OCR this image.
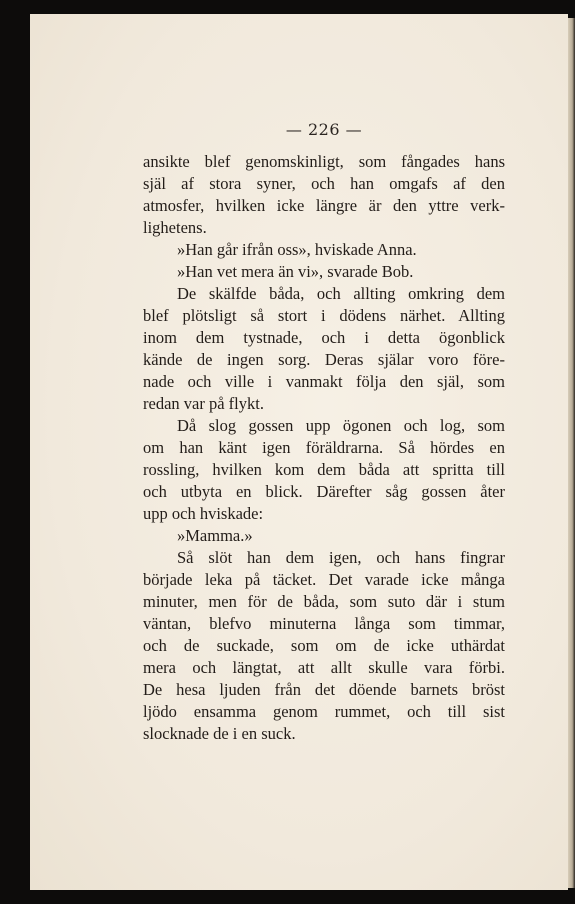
— 226 —
ansikte blef genomskinligt, som fångades hans
själ af stora syner, och han omgafs af den
atmosfer, hvilken icke längre är den yttre verk-
lighetens.
»Han går ifrån oss», hviskade Anna.
»Han vet mera än vi», svarade Bob.
De skälfde båda, och allting omkring dem
blef plötsligt så stort i dödens närhet. Allting
inom dem tystnade, och i detta ögonblick
kände de ingen sorg. Deras själar voro före-
nade och ville i vanmakt följa den själ, som
redan var på flykt.
Då slog gossen upp ögonen och log, som
om han känt igen föräldrarna. Så hördes en
rossling, hvilken kom dem båda att spritta till
och utbyta en blick. Därefter såg gossen åter
upp och hviskade:
»Mamma.»
Så slöt han dem igen, och hans fingrar
började leka på täcket. Det varade icke många
minuter, men för de båda, som suto där i stum
väntan, blefvo minuterna långa som timmar,
och de suckade, som om de icke uthärdat
mera och längtat, att allt skulle vara förbi.
De hesa ljuden från det döende barnets bröst
ljödo ensamma genom rummet, och till sist
slocknade de i en suck.
